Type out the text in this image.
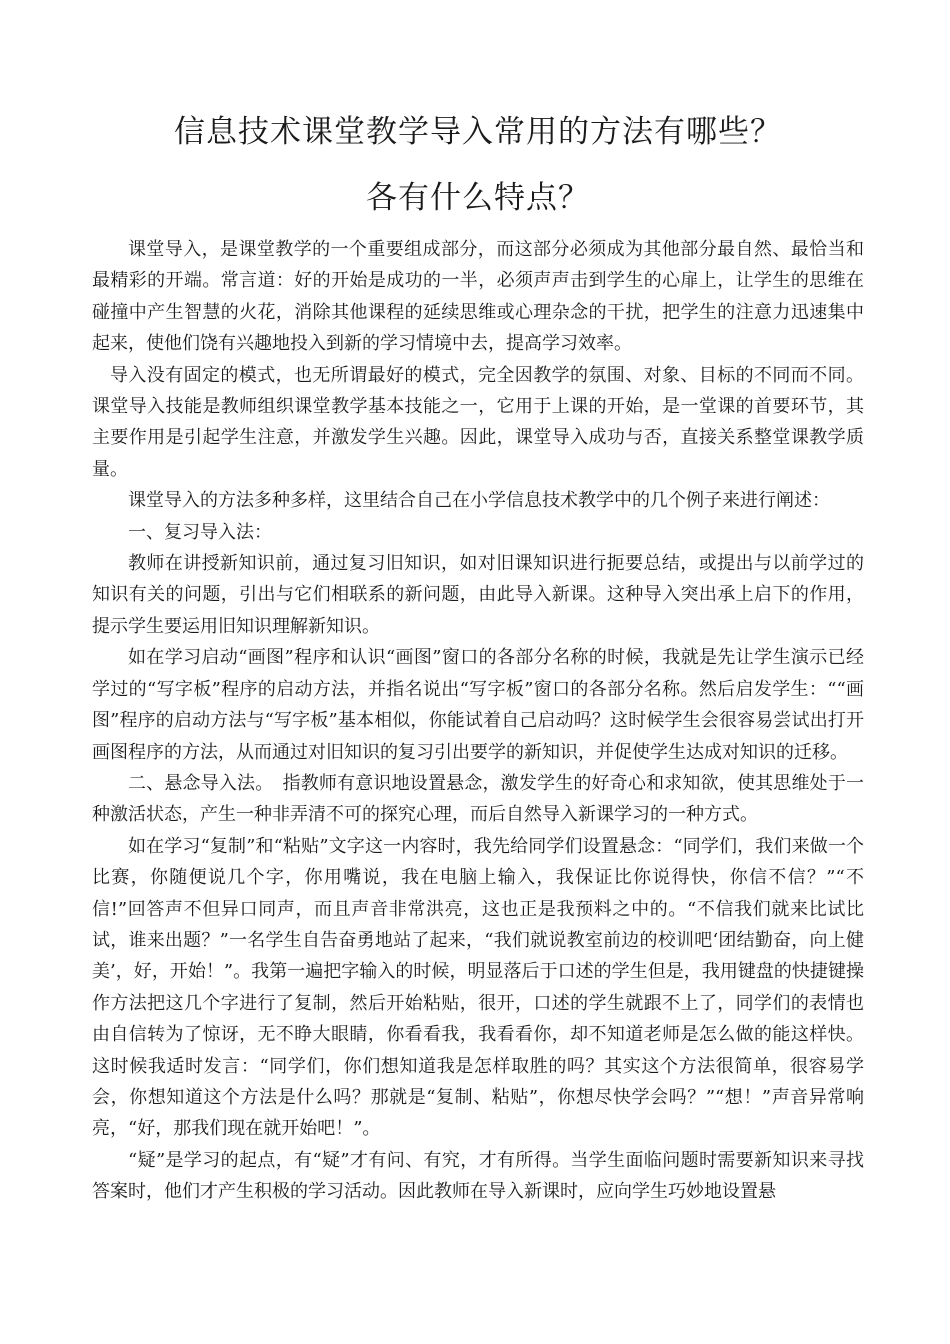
信息技术课堂教学导入常用的方法有哪些？
各有什么特点？

课堂导入，是课堂教学的一个重要组成部分，而这部分必须成为其他部分最自然、最恰当和最精彩的开端。常言道：好的开始是成功的一半，必须声声击到学生的心扉上，让学生的思维在碰撞中产生智慧的火花，消除其他课程的延续思维或心理杂念的干扰，把学生的注意力迅速集中起来，使他们饶有兴趣地投入到新的学习情境中去，提高学习效率。

导入没有固定的模式，也无所谓最好的模式，完全因教学的氛围、对象、目标的不同而不同。课堂导入技能是教师组织课堂教学基本技能之一，它用于上课的开始，是一堂课的首要环节，其主要作用是引起学生注意，并激发学生兴趣。因此，课堂导入成功与否，直接关系整堂课教学质量。

课堂导入的方法多种多样，这里结合自己在小学信息技术教学中的几个例子来进行阐述：

一、复习导入法：

教师在讲授新知识前，通过复习旧知识，如对旧课知识进行扼要总结，或提出与以前学过的知识有关的问题，引出与它们相联系的新问题，由此导入新课。这种导入突出承上启下的作用，提示学生要运用旧知识理解新知识。

如在学习启动“画图”程序和认识“画图”窗口的各部分名称的时候，我就是先让学生演示已经学过的“写字板”程序的启动方法，并指名说出“写字板”窗口的各部分名称。然后启发学生：““画图”程序的启动方法与“写字板”基本相似，你能试着自己启动吗？这时候学生会很容易尝试出打开画图程序的方法，从而通过对旧知识的复习引出要学的新知识，并促使学生达成对知识的迁移。

二、悬念导入法。　指教师有意识地设置悬念，激发学生的好奇心和求知欲，使其思维处于一种激活状态，产生一种非弄清不可的探究心理，而后自然导入新课学习的一种方式。

如在学习“复制”和“粘贴”文字这一内容时，我先给同学们设置悬念：“同学们，我们来做一个比赛，你随便说几个字，你用嘴说，我在电脑上输入，我保证比你说得快，你信不信？”“不信!”回答声不但异口同声，而且声音非常洪亮，这也正是我预料之中的。“不信我们就来比试比试，谁来出题？”一名学生自告奋勇地站了起来，“我们就说教室前边的校训吧‘团结勤奋，向上健美’，好，开始！”。我第一遍把字输入的时候，明显落后于口述的学生但是，我用键盘的快捷键操作方法把这几个字进行了复制，然后开始粘贴，很开，口述的学生就跟不上了，同学们的表情也由自信转为了惊讶，无不睁大眼睛，你看看我，我看看你，却不知道老师是怎么做的能这样快。这时候我适时发言：“同学们，你们想知道我是怎样取胜的吗？其实这个方法很简单，很容易学会，你想知道这个方法是什么吗？那就是“复制、粘贴”，你想尽快学会吗？”“想！”声音异常响亮，“好，那我们现在就开始吧！”。

“疑”是学习的起点，有“疑”才有问、有究，才有所得。当学生面临问题时需要新知识来寻找答案时，他们才产生积极的学习活动。因此教师在导入新课时，应向学生巧妙地设置悬
